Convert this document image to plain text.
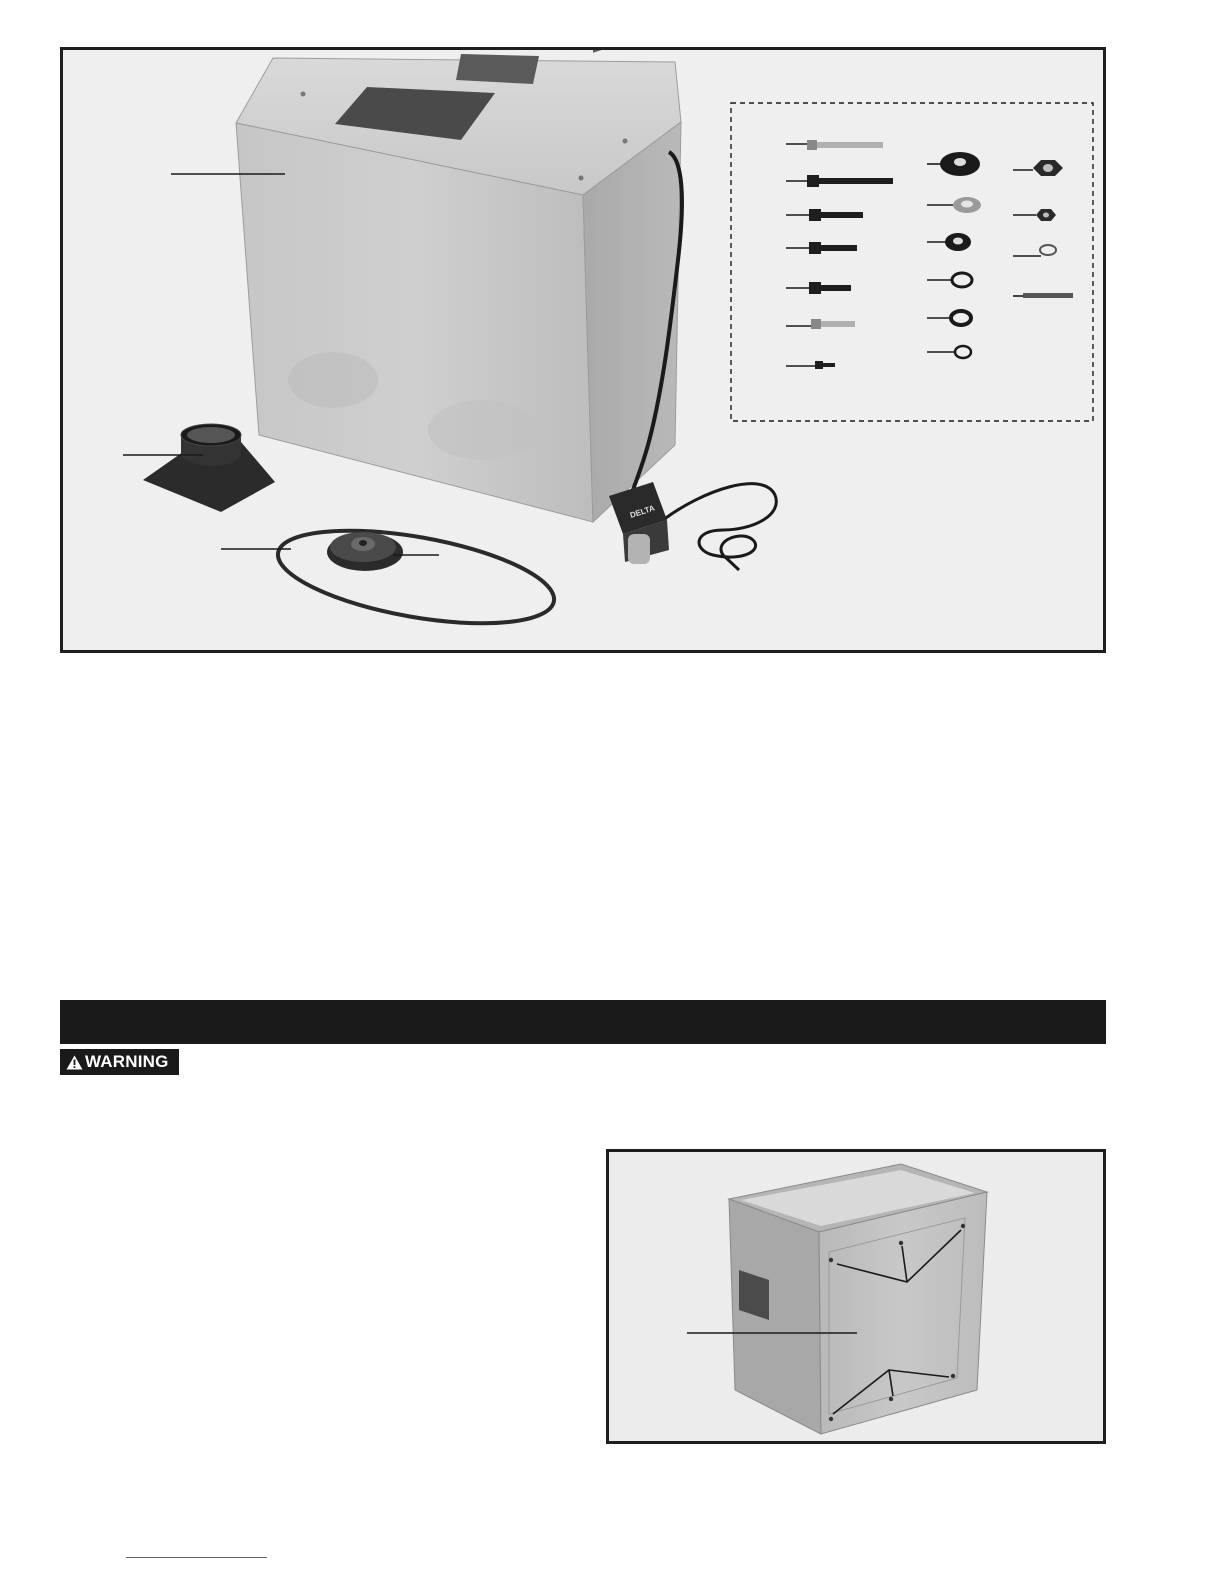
DELTA
WARNING
